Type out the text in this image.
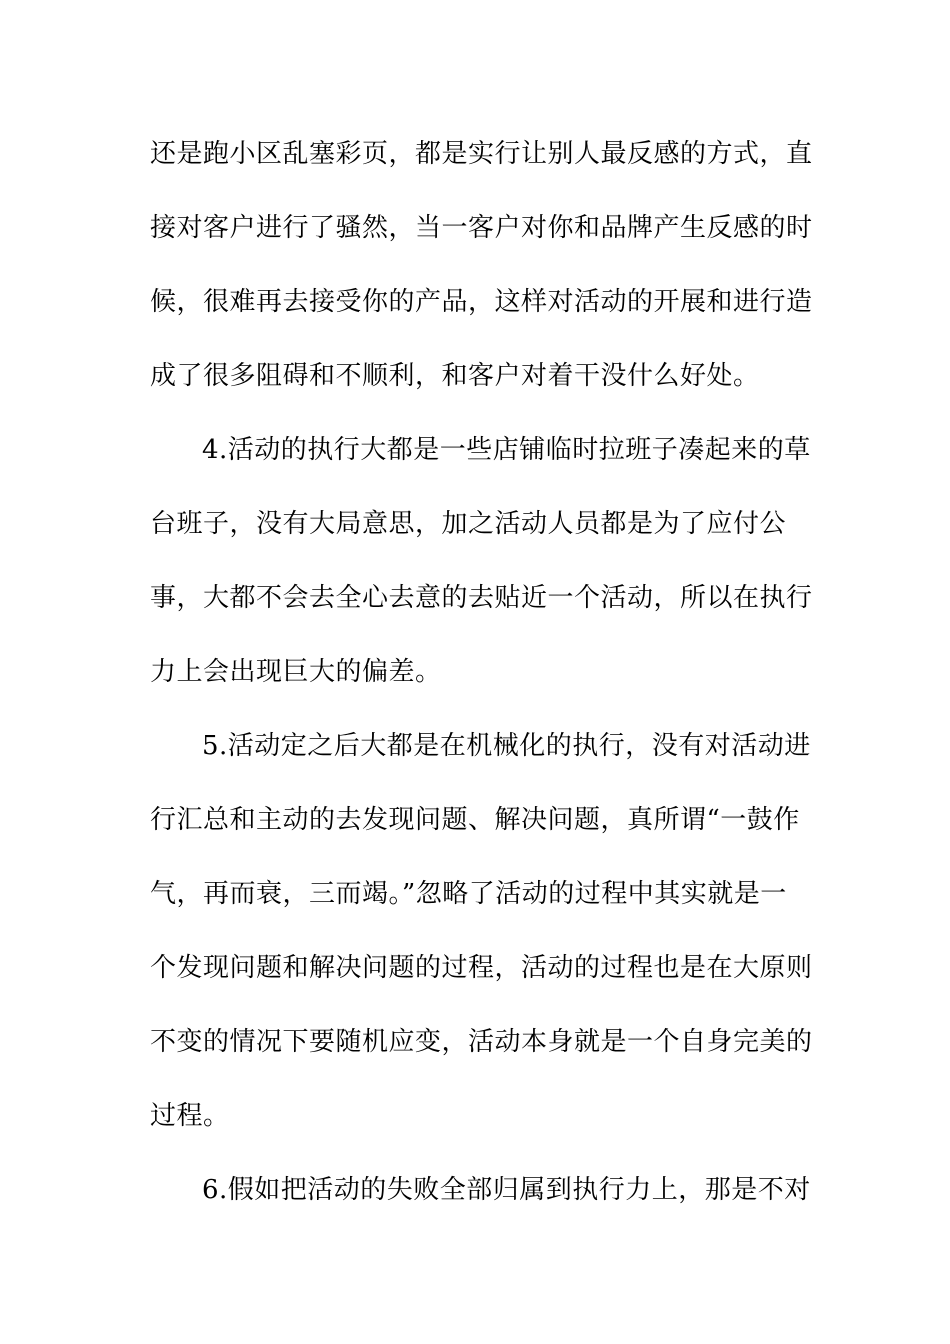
还是跑小区乱塞彩页，都是实行让别人最反感的方式，直
接对客户进行了骚然，当一客户对你和品牌产生反感的时
候，很难再去接受你的产品，这样对活动的开展和进行造
成了很多阻碍和不顺利，和客户对着干没什么好处。
4.活动的执行大都是一些店铺临时拉班子凑起来的草
台班子，没有大局意思，加之活动人员都是为了应付公
事，大都不会去全心去意的去贴近一个活动，所以在执行
力上会出现巨大的偏差。
5.活动定之后大都是在机械化的执行，没有对活动进
行汇总和主动的去发现问题、解决问题，真所谓“一鼓作
气，再而衰，三而竭。”忽略了活动的过程中其实就是一
个发现问题和解决问题的过程，活动的过程也是在大原则
不变的情况下要随机应变，活动本身就是一个自身完美的
过程。
6.假如把活动的失败全部归属到执行力上，那是不对
